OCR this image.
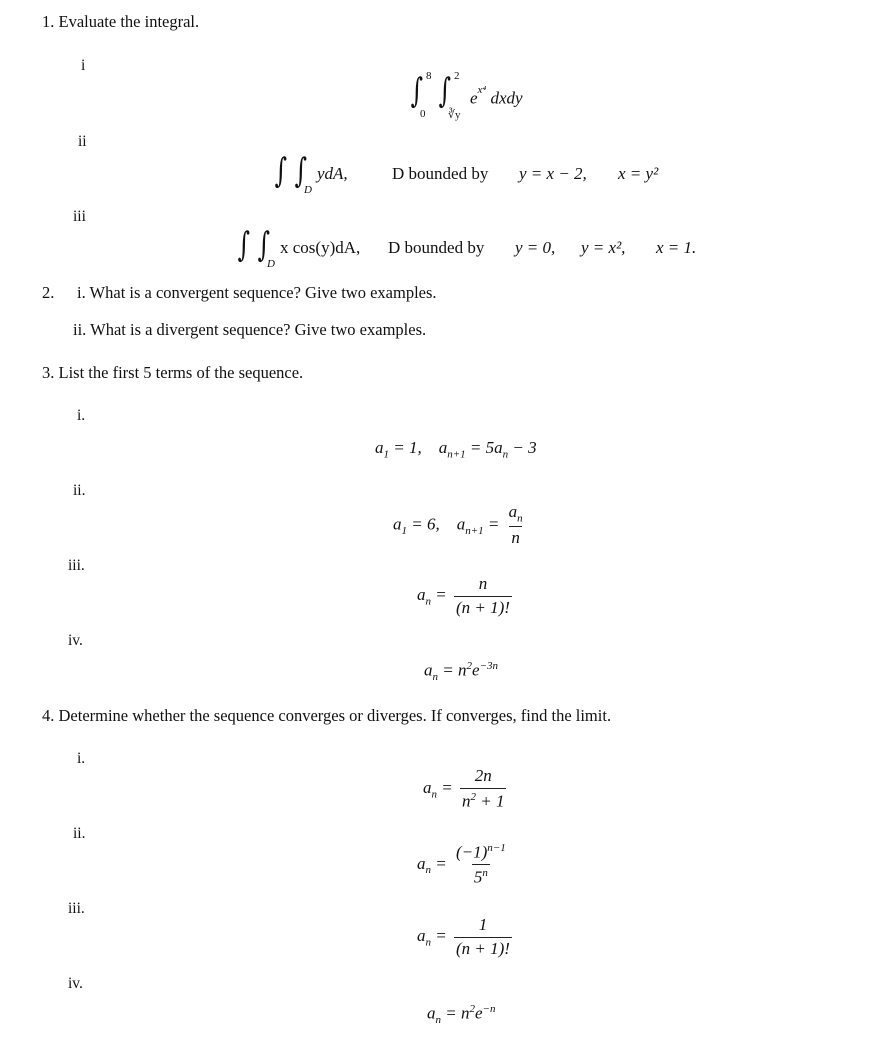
1. Evaluate the integral.
i
∫ 8
0
∫ 2
∛y
$e^{x^4}$ dxdy
ii
∫ ∫
D
ydA,	D bounded by y = x − 2, x = y²
iii
∫ ∫
D
x cos(y)dA, D bounded by y = 0, y = x², x = 1.
2. i. What is a convergent sequence? Give two examples.
ii. What is a divergent sequence? Give two examples.
3. List the first 5 terms of the sequence.
i.
$a_1 = 1$,    $a_{n+1} = 5a_n - 3$
ii.
$a_1 = 6$,    $a_{n+1} = \frac{a_n}{n}$
iii.
$a_n = \frac{n}{(n + 1)!}$
iv.
$a_n = n^2e^{-3n}$
4. Determine whether the sequence converges or diverges. If converges, find the limit.
i.
$a_n = \frac{2n}{n^2 + 1}$
ii.
$a_n = \frac{(-1)^{n-1}}{5^n}$
iii.
$a_n = \frac{1}{(n + 1)!}$
iv.
$a_n = n^2e^{-n}$
